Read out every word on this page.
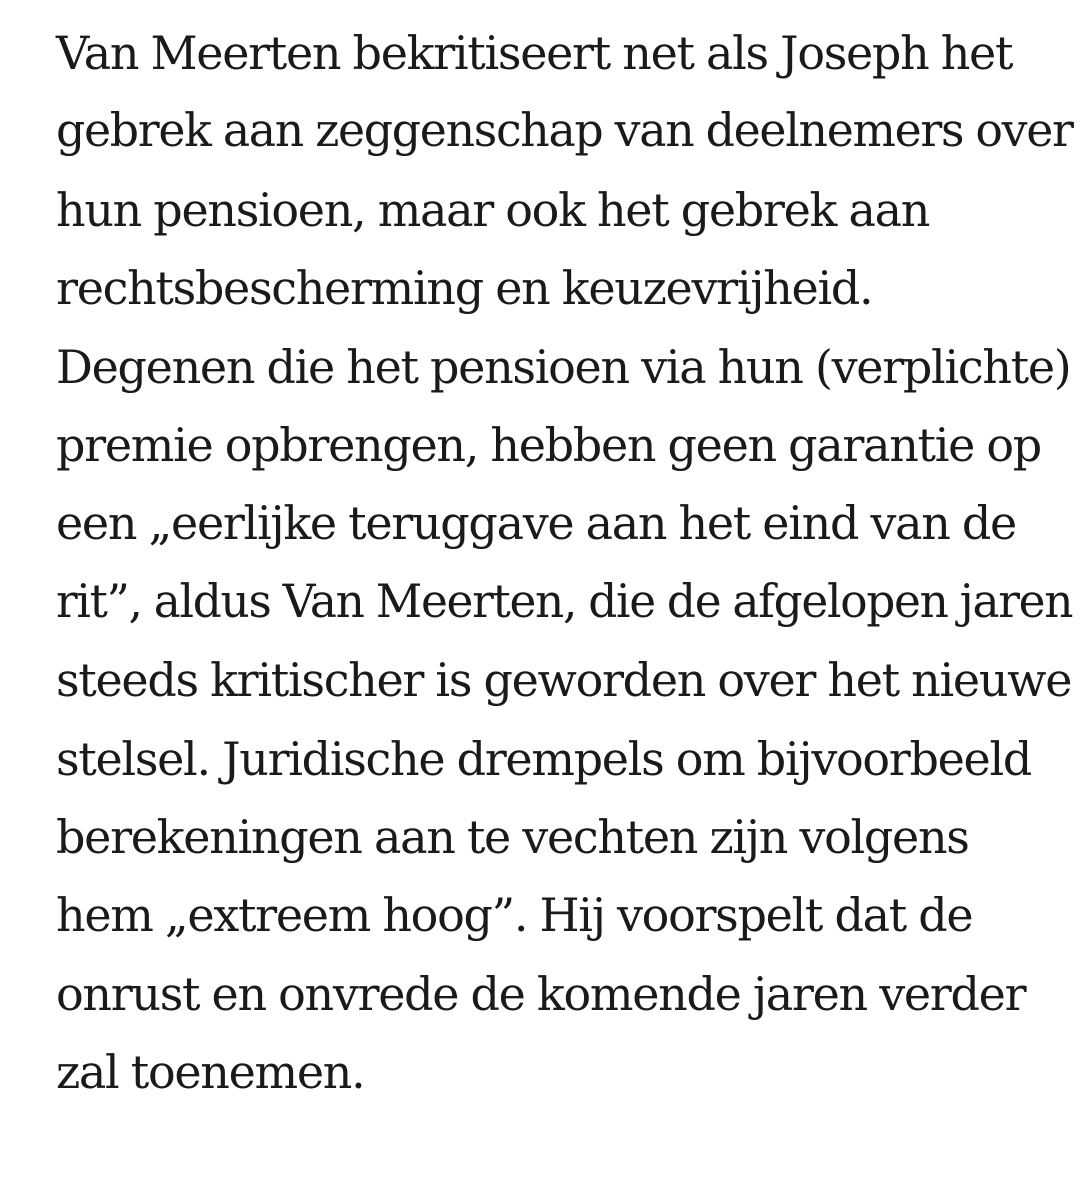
Van Meerten bekritiseert net als Joseph het
gebrek aan zeggenschap van deelnemers over
hun pensioen, maar ook het gebrek aan
rechtsbescherming en keuzevrijheid.
Degenen die het pensioen via hun (verplichte)
premie opbrengen, hebben geen garantie op
een „eerlijke teruggave aan het eind van de
rit”, aldus Van Meerten, die de afgelopen jaren
steeds kritischer is geworden over het nieuwe
stelsel. Juridische drempels om bijvoorbeeld
berekeningen aan te vechten zijn volgens
hem „extreem hoog”. Hij voorspelt dat de
onrust en onvrede de komende jaren verder
zal toenemen.
